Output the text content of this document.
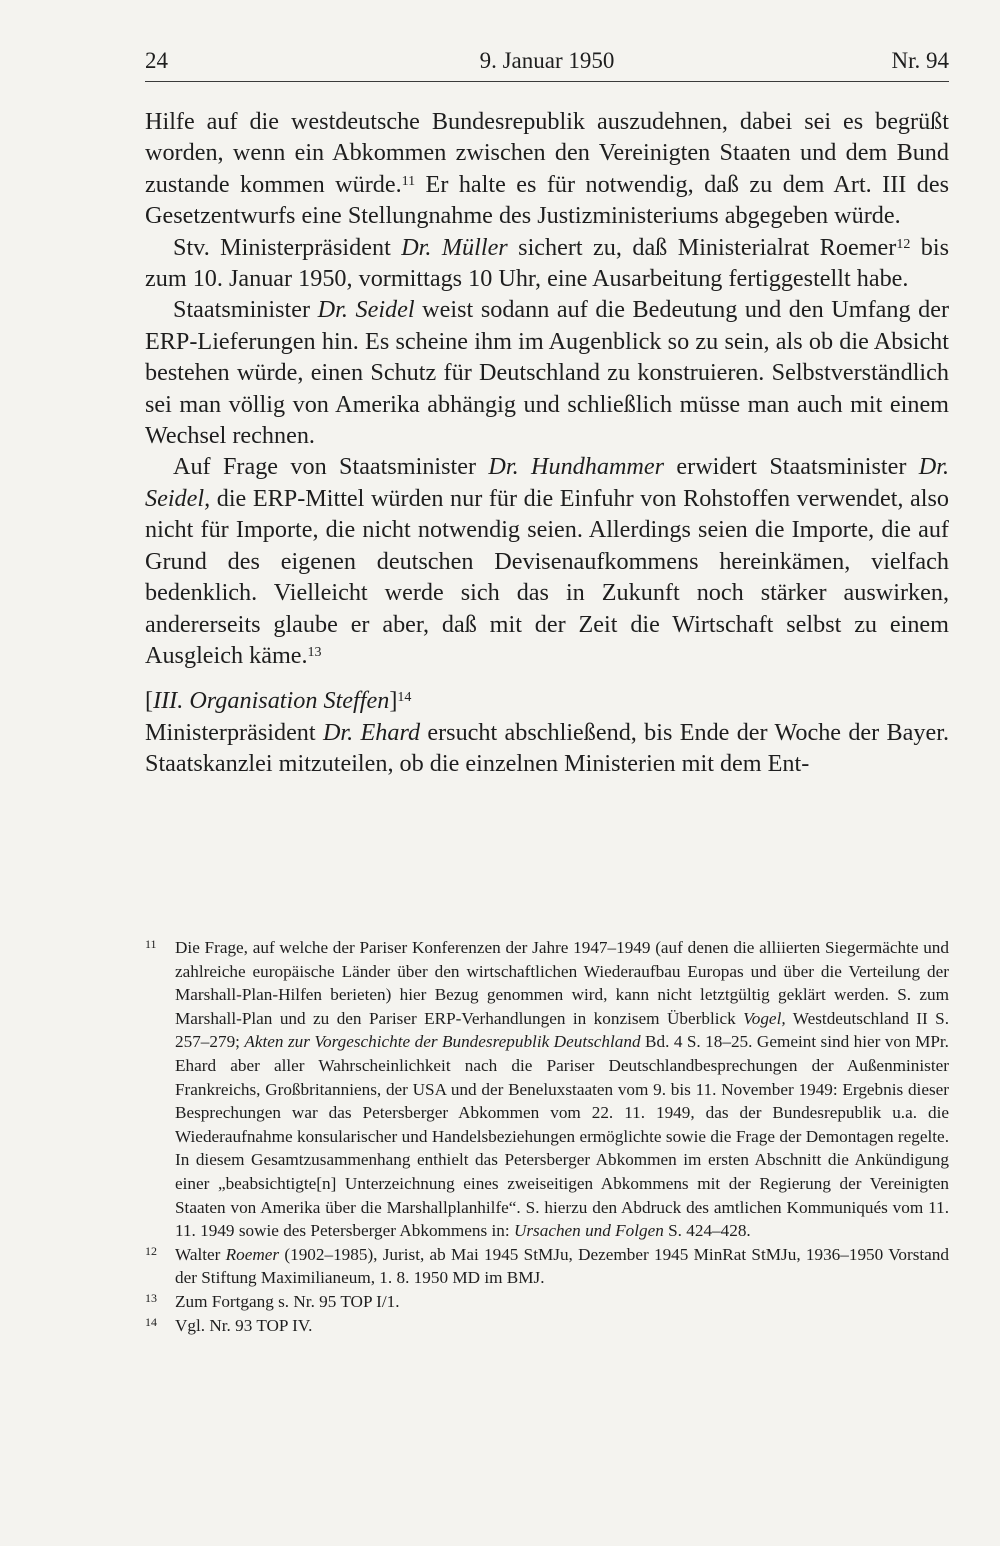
24	9. Januar 1950	Nr. 94

Hilfe auf die westdeutsche Bundesrepublik auszudehnen, dabei sei es begrüßt worden, wenn ein Abkommen zwischen den Vereinigten Staaten und dem Bund zustande kommen würde.$^{11}$ Er halte es für notwendig, daß zu dem Art. III des Gesetzentwurfs eine Stellungnahme des Justizministeriums abgegeben würde.

Stv. Ministerpräsident Dr. Müller sichert zu, daß Ministerialrat Roemer$^{12}$ bis zum 10. Januar 1950, vormittags 10 Uhr, eine Ausarbeitung fertiggestellt habe.

Staatsminister Dr. Seidel weist sodann auf die Bedeutung und den Umfang der ERP-Lieferungen hin. Es scheine ihm im Augenblick so zu sein, als ob die Absicht bestehen würde, einen Schutz für Deutschland zu konstruieren. Selbstverständlich sei man völlig von Amerika abhängig und schließlich müsse man auch mit einem Wechsel rechnen.

Auf Frage von Staatsminister Dr. Hundhammer erwidert Staatsminister Dr. Seidel, die ERP-Mittel würden nur für die Einfuhr von Rohstoffen verwendet, also nicht für Importe, die nicht notwendig seien. Allerdings seien die Importe, die auf Grund des eigenen deutschen Devisenaufkommens hereinkämen, vielfach bedenklich. Vielleicht werde sich das in Zukunft noch stärker auswirken, andererseits glaube er aber, daß mit der Zeit die Wirtschaft selbst zu einem Ausgleich käme.$^{13}$

[III. Organisation Steffen]$^{14}$

Ministerpräsident Dr. Ehard ersucht abschließend, bis Ende der Woche der Bayer. Staatskanzlei mitzuteilen, ob die einzelnen Ministerien mit dem Ent-

11 Die Frage, auf welche der Pariser Konferenzen der Jahre 1947–1949 (auf denen die alliierten Siegermächte und zahlreiche europäische Länder über den wirtschaftlichen Wiederaufbau Europas und über die Verteilung der Marshall-Plan-Hilfen berieten) hier Bezug genommen wird, kann nicht letztgültig geklärt werden. S. zum Marshall-Plan und zu den Pariser ERP-Verhandlungen in konzisem Überblick Vogel, Westdeutschland II S. 257–279; Akten zur Vorgeschichte der Bundesrepublik Deutschland Bd. 4 S. 18–25. Gemeint sind hier von MPr. Ehard aber aller Wahrscheinlichkeit nach die Pariser Deutschlandbesprechungen der Außenminister Frankreichs, Großbritanniens, der USA und der Beneluxstaaten vom 9. bis 11. November 1949: Ergebnis dieser Besprechungen war das Petersberger Abkommen vom 22. 11. 1949, das der Bundesrepublik u.a. die Wiederaufnahme konsularischer und Handelsbeziehungen ermöglichte sowie die Frage der Demontagen regelte. In diesem Gesamtzusammenhang enthielt das Petersberger Abkommen im ersten Abschnitt die Ankündigung einer „beabsichtigte[n] Unterzeichnung eines zweiseitigen Abkommens mit der Regierung der Vereinigten Staaten von Amerika über die Marshallplanhilfe“. S. hierzu den Abdruck des amtlichen Kommuniqués vom 11. 11. 1949 sowie des Petersberger Abkommens in: Ursachen und Folgen S. 424–428.

12 Walter Roemer (1902–1985), Jurist, ab Mai 1945 StMJu, Dezember 1945 MinRat StMJu, 1936–1950 Vorstand der Stiftung Maximilianeum, 1. 8. 1950 MD im BMJ.

13 Zum Fortgang s. Nr. 95 TOP I/1.

14 Vgl. Nr. 93 TOP IV.
